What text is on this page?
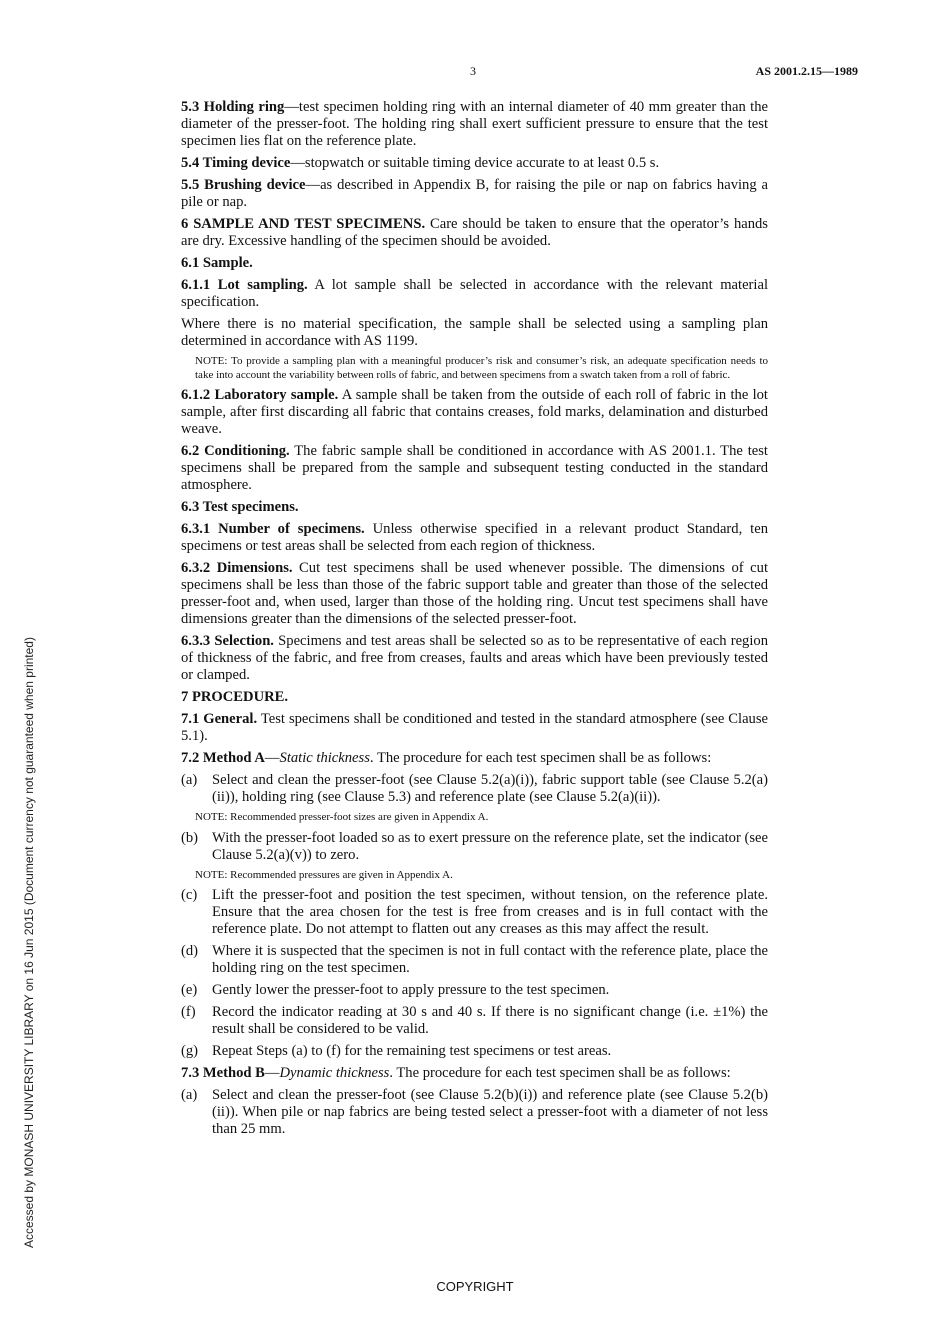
3	AS 2001.2.15—1989
Accessed by MONASH UNIVERSITY LIBRARY on 16 Jun 2015 (Document currency not guaranteed when printed)

5.3 Holding ring—test specimen holding ring with an internal diameter of 40 mm greater than the diameter of the presser-foot. The holding ring shall exert sufficient pressure to ensure that the test specimen lies flat on the reference plate.

5.4 Timing device—stopwatch or suitable timing device accurate to at least 0.5 s.

5.5 Brushing device—as described in Appendix B, for raising the pile or nap on fabrics having a pile or nap.

6 SAMPLE AND TEST SPECIMENS. Care should be taken to ensure that the operator’s hands are dry. Excessive handling of the specimen should be avoided.

6.1 Sample.

6.1.1 Lot sampling. A lot sample shall be selected in accordance with the relevant material specification.

Where there is no material specification, the sample shall be selected using a sampling plan determined in accordance with AS 1199.

NOTE: To provide a sampling plan with a meaningful producer’s risk and consumer’s risk, an adequate specification needs to take into account the variability between rolls of fabric, and between specimens from a swatch taken from a roll of fabric.

6.1.2 Laboratory sample. A sample shall be taken from the outside of each roll of fabric in the lot sample, after first discarding all fabric that contains creases, fold marks, delamination and disturbed weave.

6.2 Conditioning. The fabric sample shall be conditioned in accordance with AS 2001.1. The test specimens shall be prepared from the sample and subsequent testing conducted in the standard atmosphere.

6.3 Test specimens.

6.3.1 Number of specimens. Unless otherwise specified in a relevant product Standard, ten specimens or test areas shall be selected from each region of thickness.

6.3.2 Dimensions. Cut test specimens shall be used whenever possible. The dimensions of cut specimens shall be less than those of the fabric support table and greater than those of the selected presser-foot and, when used, larger than those of the holding ring. Uncut test specimens shall have dimensions greater than the dimensions of the selected presser-foot.

6.3.3 Selection. Specimens and test areas shall be selected so as to be representative of each region of thickness of the fabric, and free from creases, faults and areas which have been previously tested or clamped.

7 PROCEDURE.

7.1 General. Test specimens shall be conditioned and tested in the standard atmosphere (see Clause 5.1).

7.2 Method A—Static thickness. The procedure for each test specimen shall be as follows:

(a)	Select and clean the presser-foot (see Clause 5.2(a)(i)), fabric support table (see Clause 5.2(a)(ii)), holding ring (see Clause 5.3) and reference plate (see Clause 5.2(a)(ii)).

NOTE: Recommended presser-foot sizes are given in Appendix A.

(b) With the presser-foot loaded so as to exert pressure on the reference plate, set the indicator (see Clause 5.2(a)(v)) to zero.

NOTE: Recommended pressures are given in Appendix A.

(c)	Lift the presser-foot and position the test specimen, without tension, on the reference plate. Ensure that the area chosen for the test is free from creases and is in full contact with the reference plate. Do not attempt to flatten out any creases as this may affect the result.
(d) Where it is suspected that the specimen is not in full contact with the reference plate, place the holding ring on the test specimen.
(e)	Gently lower the presser-foot to apply pressure to the test specimen.
(f)	Record the indicator reading at 30 s and 40 s. If there is no significant change (i.e. ±1%) the result shall be considered to be valid.
(g) Repeat Steps (a) to (f) for the remaining test specimens or test areas.

7.3 Method B—Dynamic thickness. The procedure for each test specimen shall be as follows:

(a)	Select and clean the presser-foot (see Clause 5.2(b)(i)) and reference plate (see Clause 5.2(b)(ii)). When pile or nap fabrics are being tested select a presser-foot with a diameter of not less than 25 mm.
COPYRIGHT
